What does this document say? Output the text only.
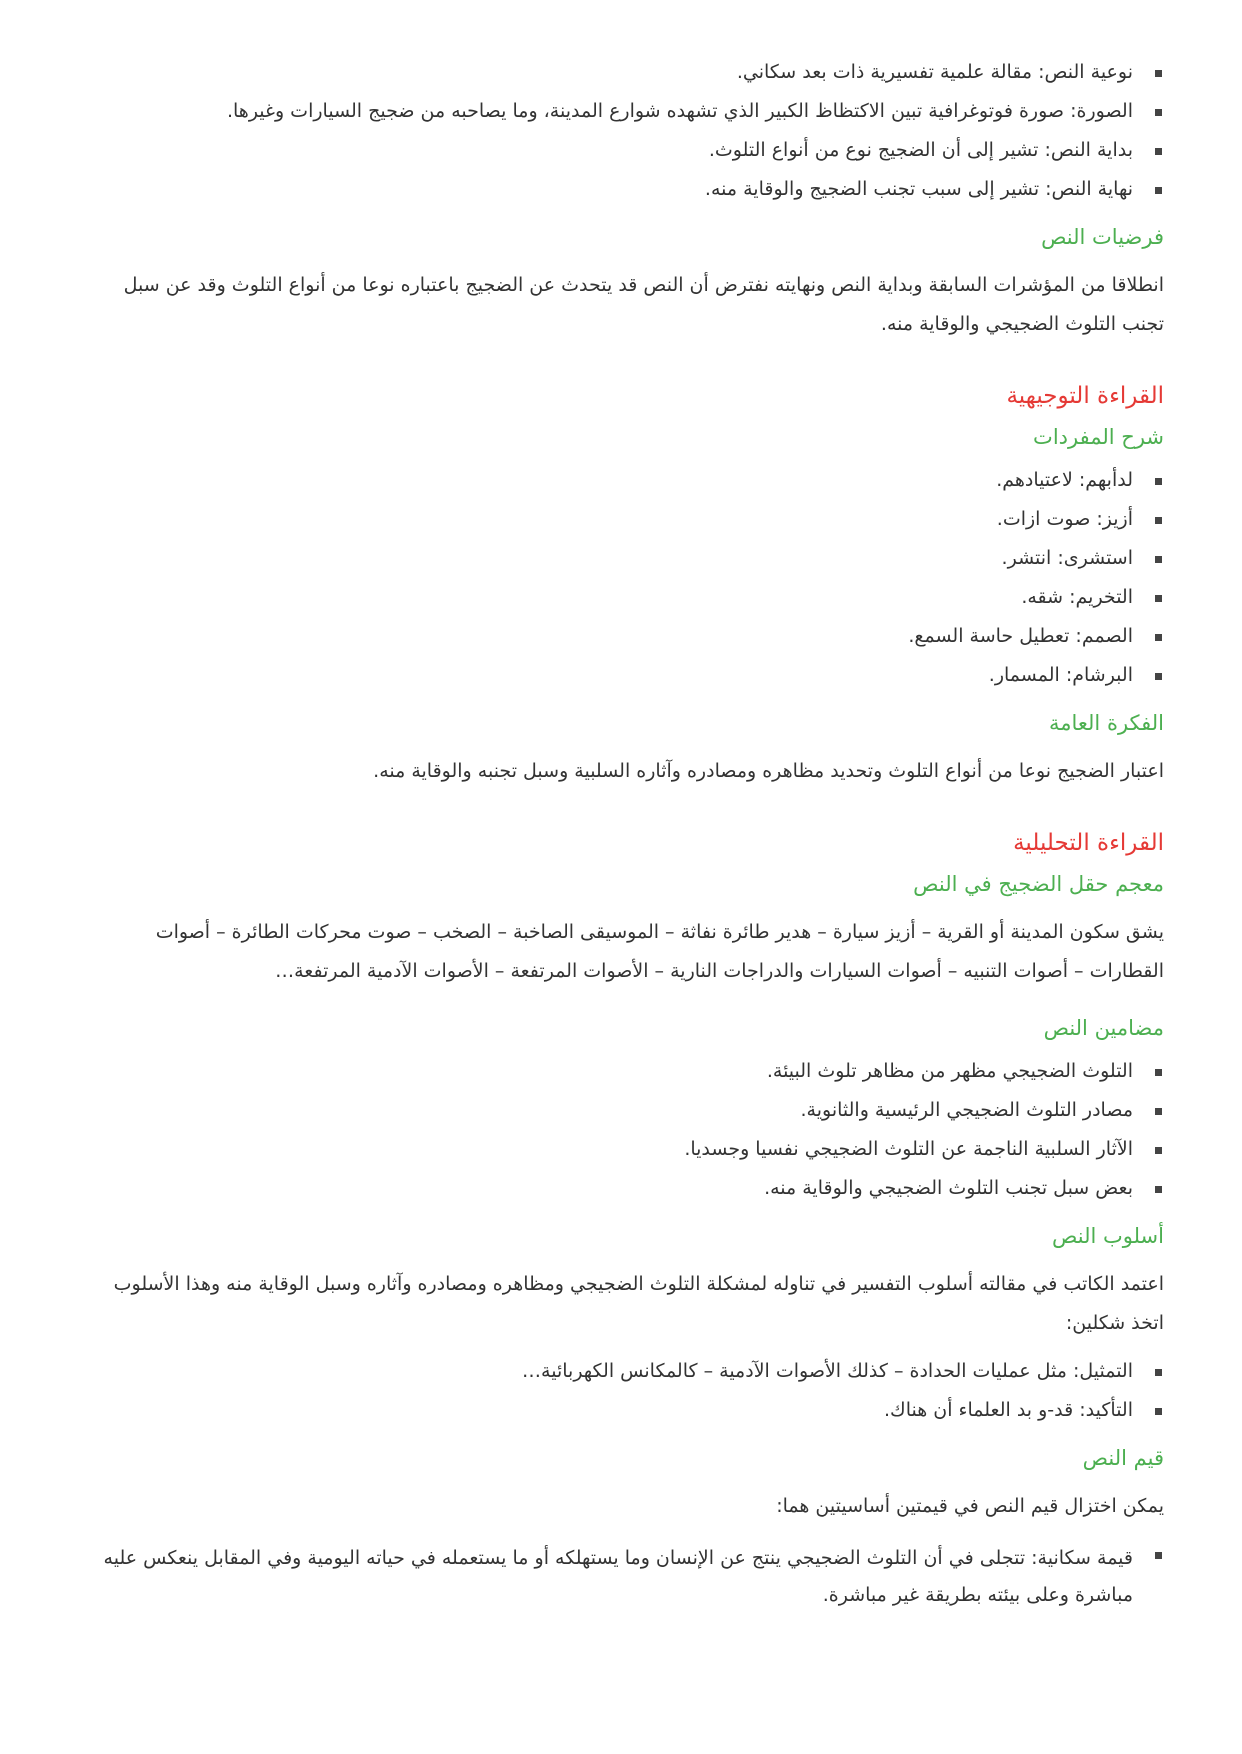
نوعية النص: مقالة علمية تفسيرية ذات بعد سكاني.
الصورة: صورة فوتوغرافية تبين الاكتظاظ الكبير الذي تشهده شوارع المدينة، وما يصاحبه من ضجيج السيارات وغيرها.
بداية النص: تشير إلى أن الضجيج نوع من أنواع التلوث.
نهاية النص: تشير إلى سبب تجنب الضجيج والوقاية منه.
فرضيات النص

انطلاقا من المؤشرات السابقة وبداية النص ونهايته نفترض أن النص قد يتحدث عن الضجيج باعتباره نوعا من أنواع التلوث وقد عن سبل تجنب التلوث الضجيجي والوقاية منه.

القراءة التوجيهية
شرح المفردات
لدأبهم: لاعتيادهم.
أزيز: صوت ازات.
استشرى: انتشر.
التخريم: شقه.
الصمم: تعطيل حاسة السمع.
البرشام: المسمار.
الفكرة العامة

اعتبار الضجيج نوعا من أنواع التلوث وتحديد مظاهره ومصادره وآثاره السلبية وسبل تجنبه والوقاية منه.

القراءة التحليلية
معجم حقل الضجيج في النص

يشق سكون المدينة أو القرية – أزيز سيارة – هدير طائرة نفاثة – الموسيقى الصاخبة – الصخب – صوت محركات الطائرة – أصوات القطارات – أصوات التنبيه – أصوات السيارات والدراجات النارية – الأصوات المرتفعة – الأصوات الآدمية المرتفعة…

مضامين النص
التلوث الضجيجي مظهر من مظاهر تلوث البيئة.
مصادر التلوث الضجيجي الرئيسية والثانوية.
الآثار السلبية الناجمة عن التلوث الضجيجي نفسيا وجسديا.
بعض سبل تجنب التلوث الضجيجي والوقاية منه.
أسلوب النص

اعتمد الكاتب في مقالته أسلوب التفسير في تناوله لمشكلة التلوث الضجيجي ومظاهره ومصادره وآثاره وسبل الوقاية منه وهذا الأسلوب اتخذ شكلين:

التمثيل: مثل عمليات الحدادة – كذلك الأصوات الآدمية – كالمكانس الكهربائية…
التأكيد: قد-و بد العلماء أن هناك.
قيم النص

يمكن اختزال قيم النص في قيمتين أساسيتين هما:

قيمة سكانية: تتجلى في أن التلوث الضجيجي ينتج عن الإنسان وما يستهلكه أو ما يستعمله في حياته اليومية وفي المقابل ينعكس عليه مباشرة وعلى بيئته بطريقة غير مباشرة.
